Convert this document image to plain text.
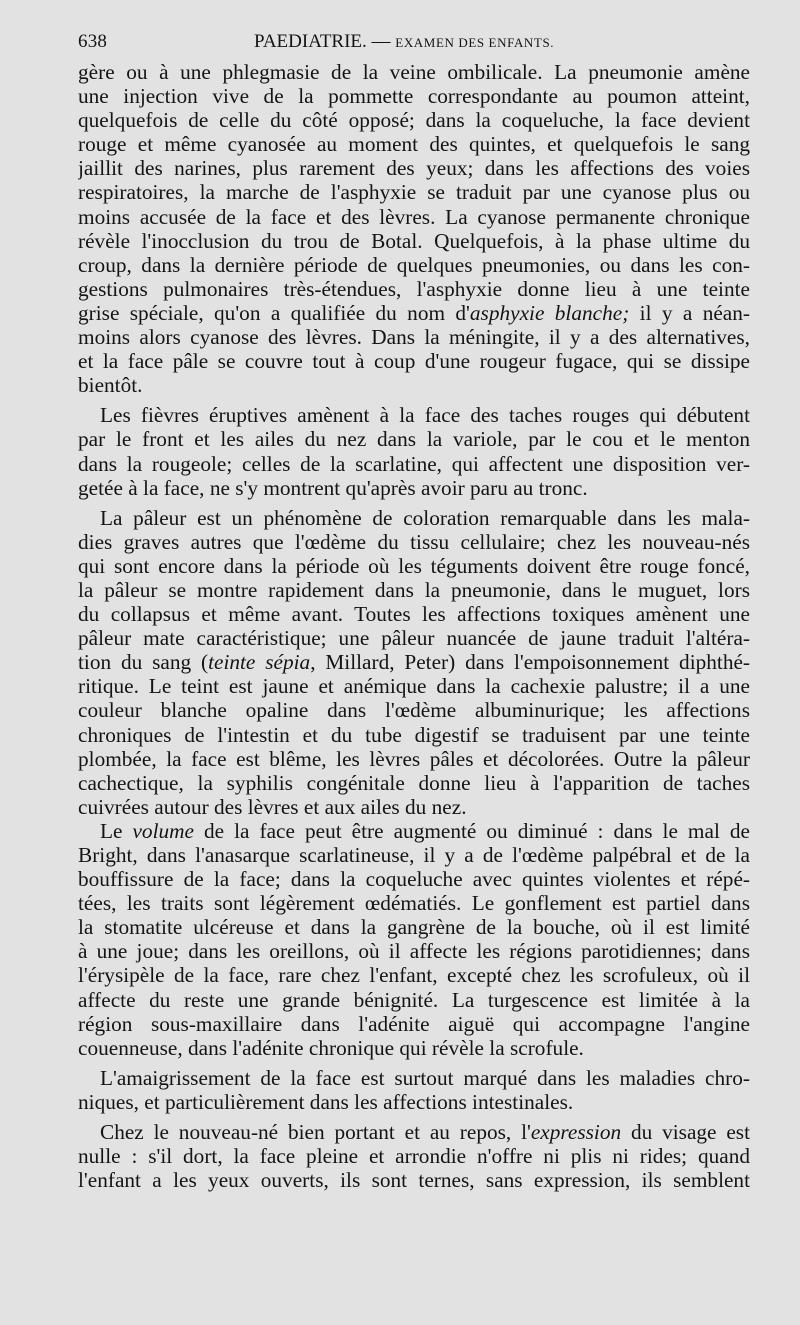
638	PAEDIATRIE. — EXAMEN DES ENFANTS.
gère ou à une phlegmasie de la veine ombilicale. La pneumonie amène
une injection vive de la pommette correspondante au poumon atteint,
quelquefois de celle du côté opposé; dans la coqueluche, la face devient
rouge et même cyanosée au moment des quintes, et quelquefois le sang
jaillit des narines, plus rarement des yeux; dans les affections des voies
respiratoires, la marche de l'asphyxie se traduit par une cyanose plus ou
moins accusée de la face et des lèvres. La cyanose permanente chronique
révèle l'inocclusion du trou de Botal. Quelquefois, à la phase ultime du
croup, dans la dernière période de quelques pneumonies, ou dans les con-
gestions pulmonaires très-étendues, l'asphyxie donne lieu à une teinte
grise spéciale, qu'on a qualifiée du nom d'asphyxie blanche; il y a néan-
moins alors cyanose des lèvres. Dans la méningite, il y a des alternatives,
et la face pâle se couvre tout à coup d'une rougeur fugace, qui se dissipe
bientôt.
Les fièvres éruptives amènent à la face des taches rouges qui débutent
par le front et les ailes du nez dans la variole, par le cou et le menton
dans la rougeole; celles de la scarlatine, qui affectent une disposition ver-
getée à la face, ne s'y montrent qu'après avoir paru au tronc.
La pâleur est un phénomène de coloration remarquable dans les mala-
dies graves autres que l'œdème du tissu cellulaire; chez les nouveau-nés
qui sont encore dans la période où les téguments doivent être rouge foncé,
la pâleur se montre rapidement dans la pneumonie, dans le muguet, lors
du collapsus et même avant. Toutes les affections toxiques amènent une
pâleur mate caractéristique; une pâleur nuancée de jaune traduit l'altéra-
tion du sang (teinte sépia, Millard, Peter) dans l'empoisonnement diphthé-
ritique. Le teint est jaune et anémique dans la cachexie palustre; il a une
couleur blanche opaline dans l'œdème albuminurique; les affections
chroniques de l'intestin et du tube digestif se traduisent par une teinte
plombée, la face est blême, les lèvres pâles et décolorées. Outre la pâleur
cachectique, la syphilis congénitale donne lieu à l'apparition de taches
cuivrées autour des lèvres et aux ailes du nez.
Le volume de la face peut être augmenté ou diminué : dans le mal de
Bright, dans l'anasarque scarlatineuse, il y a de l'œdème palpébral et de la
bouffissure de la face; dans la coqueluche avec quintes violentes et répé-
tées, les traits sont légèrement œdématiés. Le gonflement est partiel dans
la stomatite ulcéreuse et dans la gangrène de la bouche, où il est limité
à une joue; dans les oreillons, où il affecte les régions parotidiennes; dans
l'érysipèle de la face, rare chez l'enfant, excepté chez les scrofuleux, où il
affecte du reste une grande bénignité. La turgescence est limitée à la
région sous-maxillaire dans l'adénite aiguë qui accompagne l'angine
couenneuse, dans l'adénite chronique qui révèle la scrofule.
L'amaigrissement de la face est surtout marqué dans les maladies chro-
niques, et particulièrement dans les affections intestinales.
Chez le nouveau-né bien portant et au repos, l'expression du visage est
nulle : s'il dort, la face pleine et arrondie n'offre ni plis ni rides; quand
l'enfant a les yeux ouverts, ils sont ternes, sans expression, ils semblent
